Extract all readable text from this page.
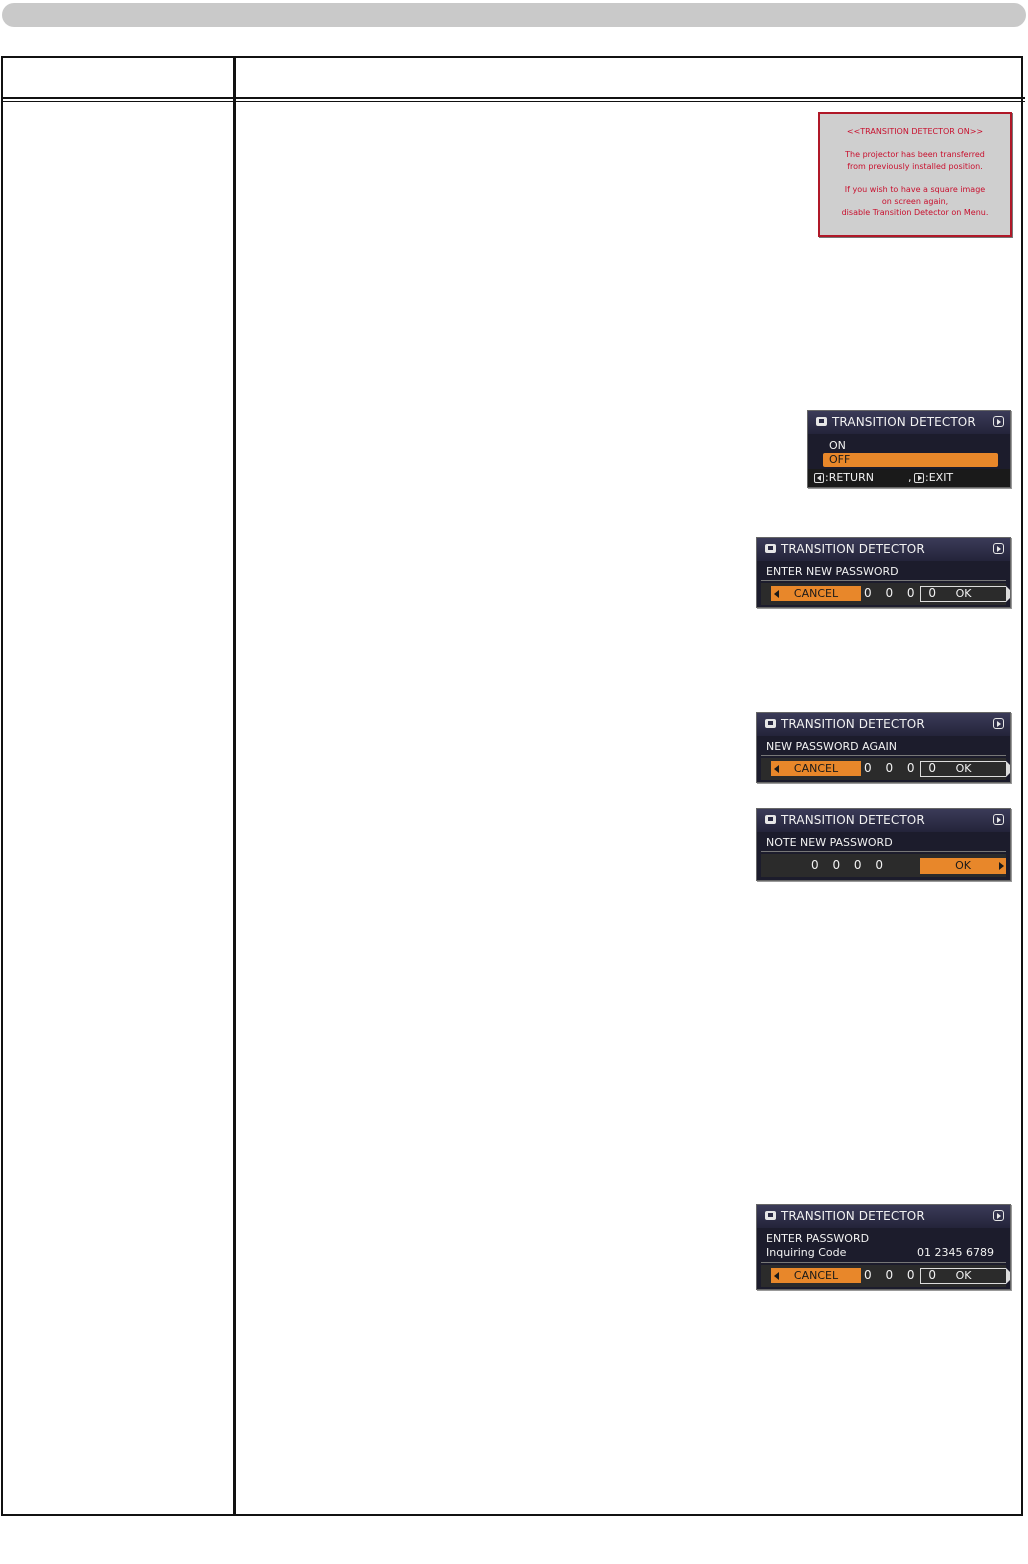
<<TRANSITION DETECTOR ON>>

The projector has been transferred
from previously installed position.

If you wish to have a square image
on screen again,
disable Transition Detector on Menu.
TRANSITION DETECTOR
ON
OFF
:RETURN	, :EXIT
TRANSITION DETECTOR
ENTER NEW PASSWORD
CANCEL	0 0 0 0	OK
TRANSITION DETECTOR
NEW PASSWORD AGAIN
CANCEL	0 0 0 0	OK
TRANSITION DETECTOR
NOTE NEW PASSWORD
0 0 0 0	OK
TRANSITION DETECTOR
ENTER PASSWORD
Inquiring Code	01 2345 6789
CANCEL	0 0 0 0	OK
